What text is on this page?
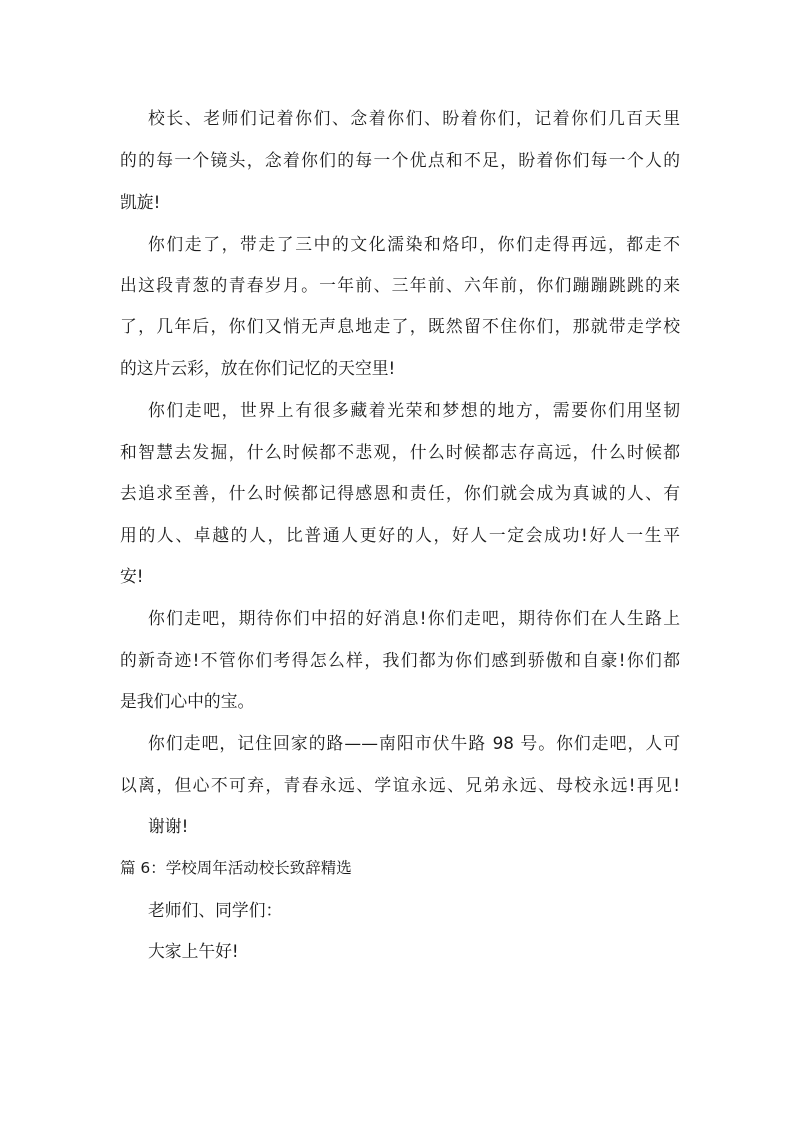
校长、老师们记着你们、念着你们、盼着你们，记着你们几百天里
的的每一个镜头，念着你们的每一个优点和不足，盼着你们每一个人的
凯旋!
你们走了，带走了三中的文化濡染和烙印，你们走得再远，都走不
出这段青葱的青春岁月。一年前、三年前、六年前，你们蹦蹦跳跳的来
了，几年后，你们又悄无声息地走了，既然留不住你们，那就带走学校
的这片云彩，放在你们记忆的天空里!
你们走吧，世界上有很多藏着光荣和梦想的地方，需要你们用坚韧
和智慧去发掘，什么时候都不悲观，什么时候都志存高远，什么时候都
去追求至善，什么时候都记得感恩和责任，你们就会成为真诚的人、有
用的人、卓越的人，比普通人更好的人，好人一定会成功!好人一生平
安!
你们走吧，期待你们中招的好消息!你们走吧，期待你们在人生路上
的新奇迹!不管你们考得怎么样，我们都为你们感到骄傲和自豪!你们都
是我们心中的宝。
你们走吧，记住回家的路——南阳市伏牛路 98 号。你们走吧，人可
以离，但心不可弃，青春永远、学谊永远、兄弟永远、母校永远!再见!
谢谢!
篇 6：学校周年活动校长致辞精选
老师们、同学们：
大家上午好!
